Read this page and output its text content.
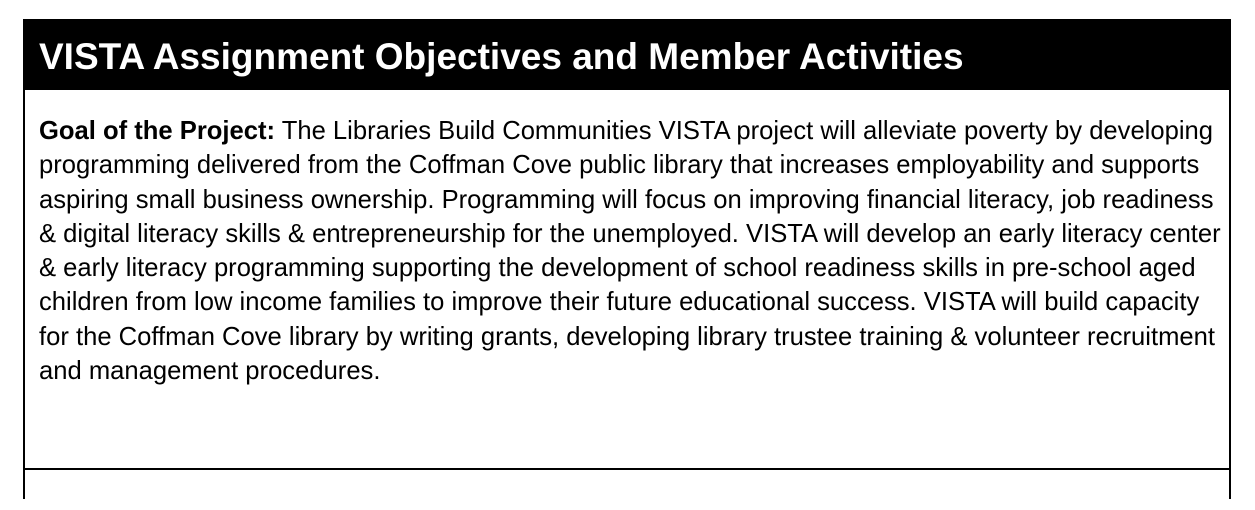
VISTA Assignment Objectives and Member Activities

Goal of the Project: The Libraries Build Communities VISTA project will alleviate poverty by developing programming delivered from the Coffman Cove public library that increases employability and supports aspiring small business ownership. Programming will focus on improving financial literacy, job readiness & digital literacy skills & entrepreneurship for the unemployed. VISTA will develop an early literacy center & early literacy programming supporting the development of school readiness skills in pre-school aged children from low income families to improve their future educational success. VISTA will build capacity for the Coffman Cove library by writing grants, developing library trustee training & volunteer recruitment and management procedures.
